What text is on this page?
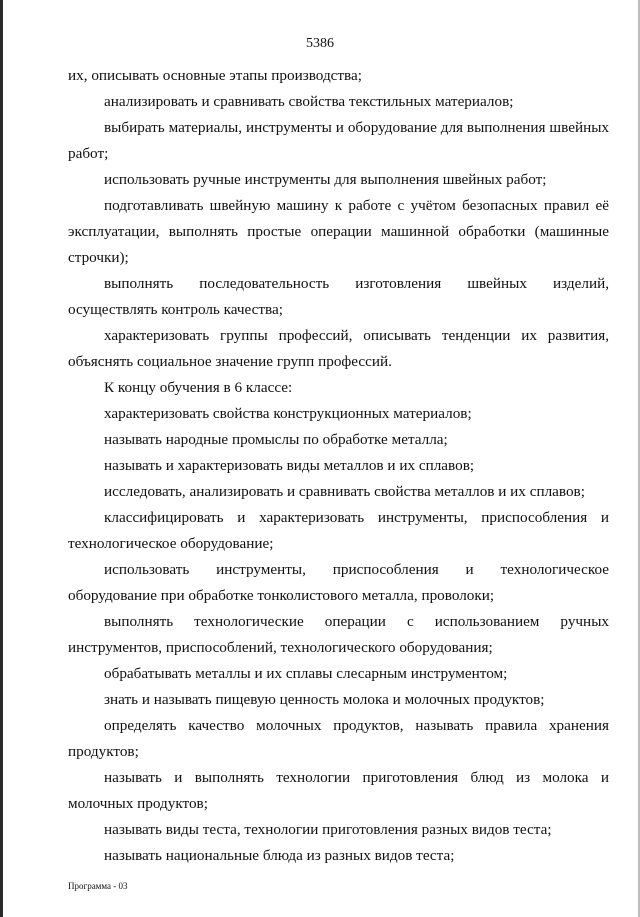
5386

их, описывать основные этапы производства;

анализировать и сравнивать свойства текстильных материалов;

выбирать материалы, инструменты и оборудование для выполнения швейных работ;

использовать ручные инструменты для выполнения швейных работ;

подготавливать швейную машину к работе с учётом безопасных правил её эксплуатации, выполнять простые операции машинной обработки (машинные строчки);

выполнять последовательность изготовления швейных изделий, осуществлять контроль качества;

характеризовать группы профессий, описывать тенденции их развития, объяснять социальное значение групп профессий.

К концу обучения в 6 классе:

характеризовать свойства конструкционных материалов;

называть народные промыслы по обработке металла;

называть и характеризовать виды металлов и их сплавов;

исследовать, анализировать и сравнивать свойства металлов и их сплавов;

классифицировать и характеризовать инструменты, приспособления и технологическое оборудование;

использовать инструменты, приспособления и технологическое оборудование при обработке тонколистового металла, проволоки;

выполнять технологические операции с использованием ручных инструментов, приспособлений, технологического оборудования;

обрабатывать металлы и их сплавы слесарным инструментом;

знать и называть пищевую ценность молока и молочных продуктов;

определять качество молочных продуктов, называть правила хранения продуктов;

называть и выполнять технологии приготовления блюд из молока и молочных продуктов;

называть виды теста, технологии приготовления разных видов теста;

называть национальные блюда из разных видов теста;

Программа - 03
